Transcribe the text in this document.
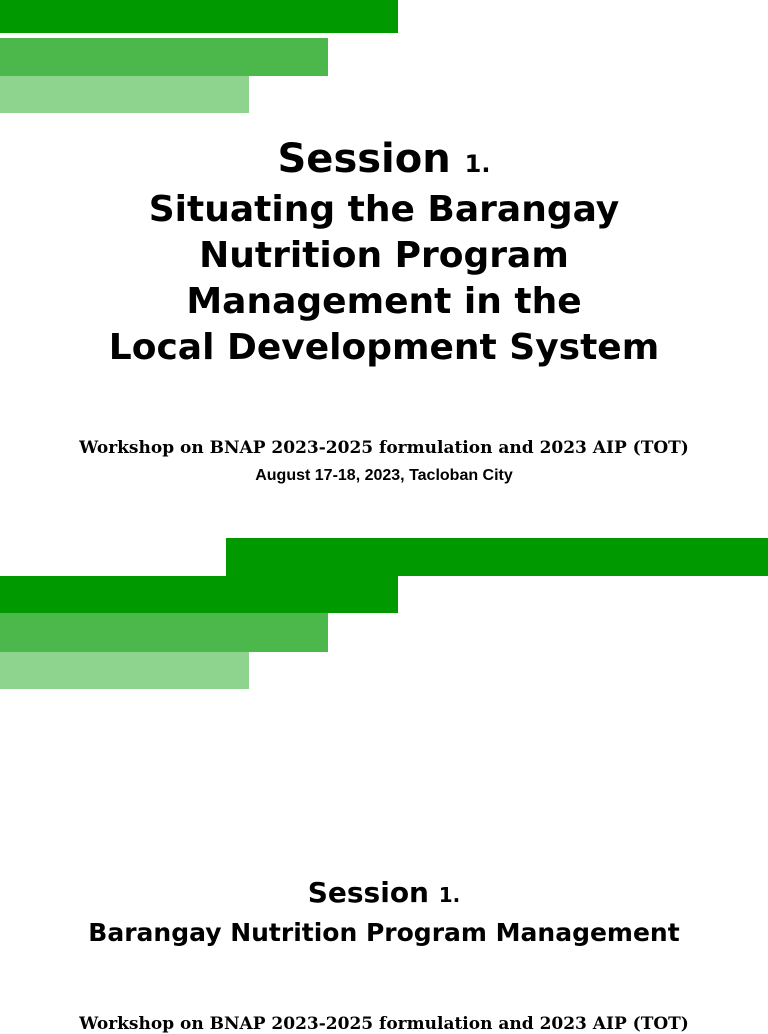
Session 1.
Situating the Barangay
Nutrition Program
Management in the
Local Development System
Workshop on BNAP 2023-2025 formulation and 2023 AIP (TOT)
August 17-18, 2023, Tacloban City
Session 1.
Barangay Nutrition Program Management
Workshop on BNAP 2023-2025 formulation and 2023 AIP (TOT)
